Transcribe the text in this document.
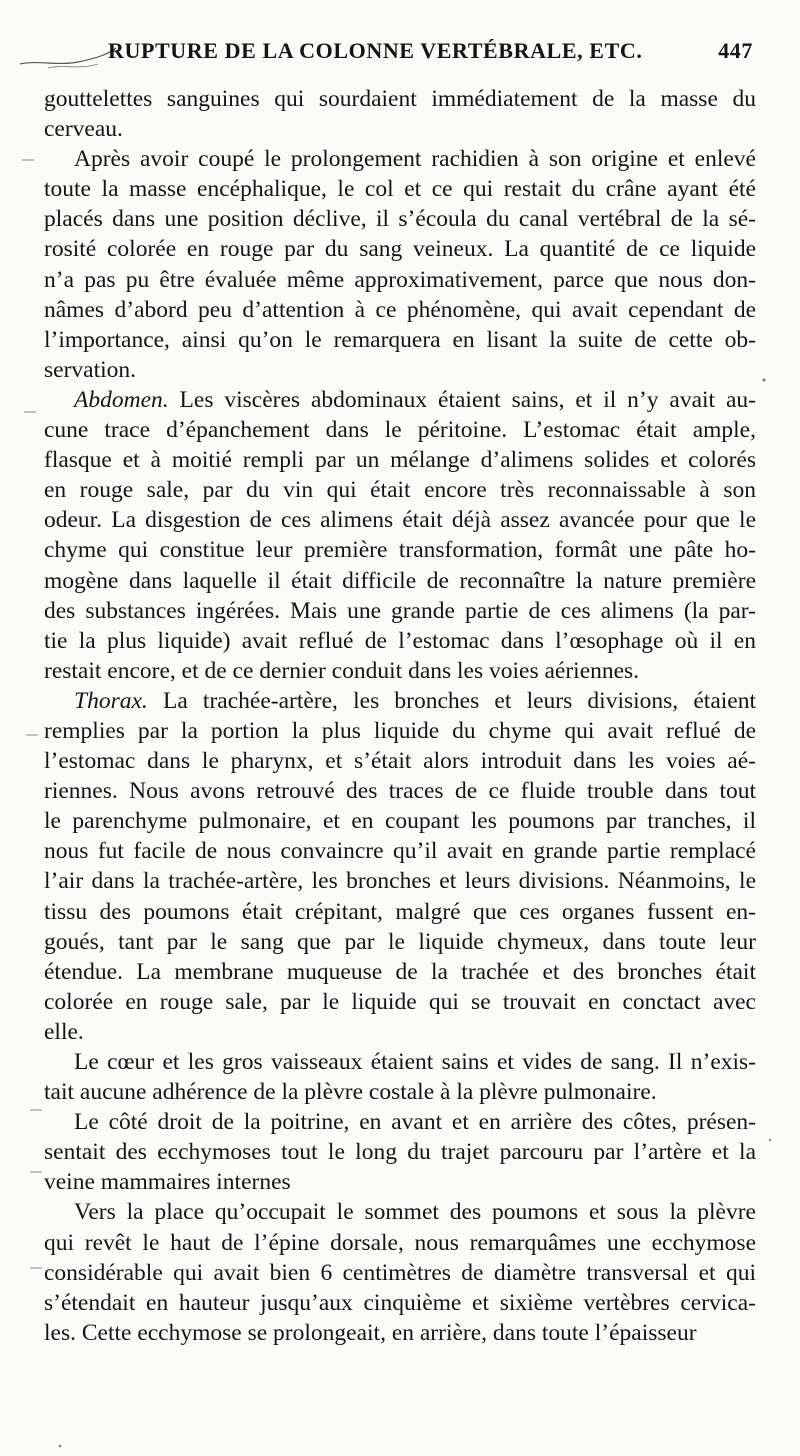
RUPTURE DE LA COLONNE VERTÉBRALE, ETC.	447
gouttelettes sanguines qui sourdaient immédiatement de la masse du
cerveau.
Après avoir coupé le prolongement rachidien à son origine et enlevé
toute la masse encéphalique, le col et ce qui restait du crâne ayant été
placés dans une position déclive, il s’écoula du canal vertébral de la sé-
rosité colorée en rouge par du sang veineux. La quantité de ce liquide
n’a pas pu être évaluée même approximativement, parce que nous don-
nâmes d’abord peu d’attention à ce phénomène, qui avait cependant de
l’importance, ainsi qu’on le remarquera en lisant la suite de cette ob-
servation.
Abdomen. Les viscères abdominaux étaient sains, et il n’y avait au-
cune trace d’épanchement dans le péritoine. L’estomac était ample,
flasque et à moitié rempli par un mélange d’alimens solides et colorés
en rouge sale, par du vin qui était encore très reconnaissable à son
odeur. La disgestion de ces alimens était déjà assez avancée pour que le
chyme qui constitue leur première transformation, formât une pâte ho-
mogène dans laquelle il était difficile de reconnaître la nature première
des substances ingérées. Mais une grande partie de ces alimens (la par-
tie la plus liquide) avait reflué de l’estomac dans l’œsophage où il en
restait encore, et de ce dernier conduit dans les voies aériennes.
Thorax. La trachée-artère, les bronches et leurs divisions, étaient
remplies par la portion la plus liquide du chyme qui avait reflué de
l’estomac dans le pharynx, et s’était alors introduit dans les voies aé-
riennes. Nous avons retrouvé des traces de ce fluide trouble dans tout
le parenchyme pulmonaire, et en coupant les poumons par tranches, il
nous fut facile de nous convaincre qu’il avait en grande partie remplacé
l’air dans la trachée-artère, les bronches et leurs divisions. Néanmoins, le
tissu des poumons était crépitant, malgré que ces organes fussent en-
goués, tant par le sang que par le liquide chymeux, dans toute leur
étendue. La membrane muqueuse de la trachée et des bronches était
colorée en rouge sale, par le liquide qui se trouvait en conctact avec
elle.
Le cœur et les gros vaisseaux étaient sains et vides de sang. Il n’exis-
tait aucune adhérence de la plèvre costale à la plèvre pulmonaire.
Le côté droit de la poitrine, en avant et en arrière des côtes, présen-
sentait des ecchymoses tout le long du trajet parcouru par l’artère et la
veine mammaires internes
Vers la place qu’occupait le sommet des poumons et sous la plèvre
qui revêt le haut de l’épine dorsale, nous remarquâmes une ecchymose
considérable qui avait bien 6 centimètres de diamètre transversal et qui
s’étendait en hauteur jusqu’aux cinquième et sixième vertèbres cervica-
les. Cette ecchymose se prolongeait, en arrière, dans toute l’épaisseur
